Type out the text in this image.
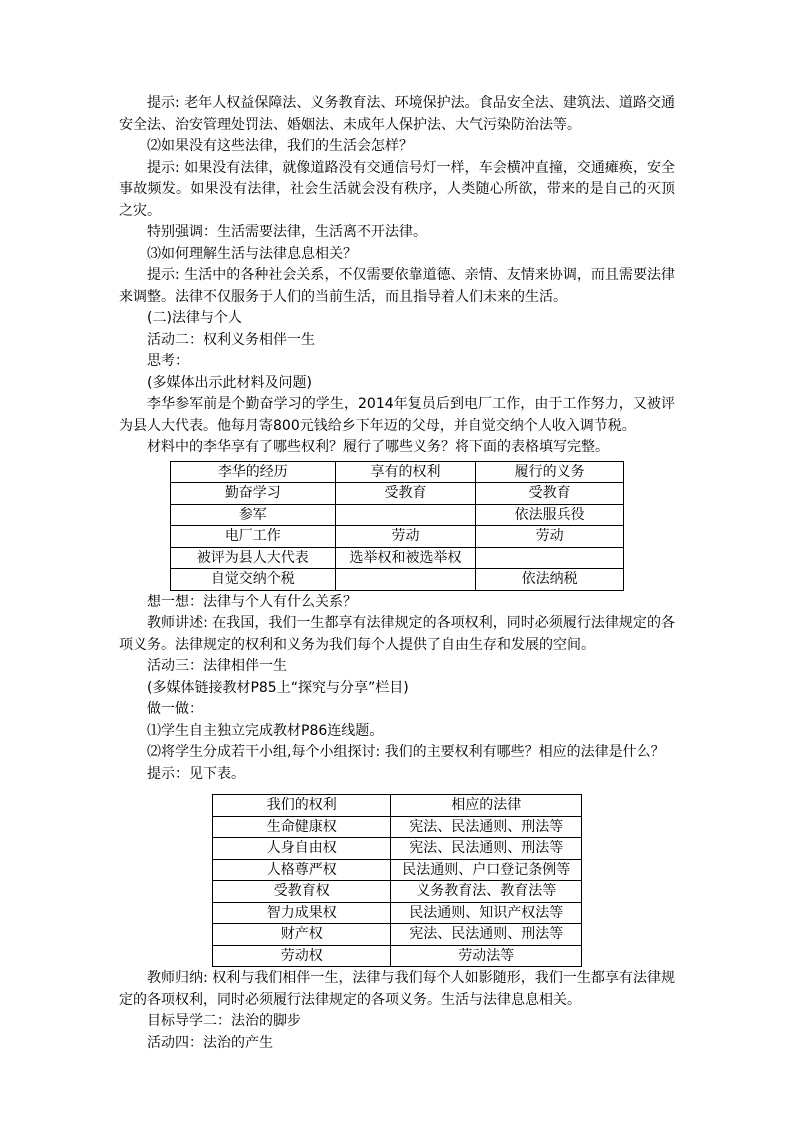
提示: 老年人权益保障法、义务教育法、环境保护法。食品安全法、建筑法、道路交通安全法、治安管理处罚法、婚姻法、未成年人保护法、大气污染防治法等。

⑵如果没有这些法律，我们的生活会怎样？

提示: 如果没有法律，就像道路没有交通信号灯一样，车会横冲直撞，交通瘫痪，安全事故频发。如果没有法律，社会生活就会没有秩序，人类随心所欲，带来的是自己的灭顶之灾。

特别强调：生活需要法律，生活离不开法律。

⑶如何理解生活与法律息息相关？

提示: 生活中的各种社会关系，不仅需要依靠道德、亲情、友情来协调，而且需要法律来调整。法律不仅服务于人们的当前生活，而且指导着人们未来的生活。

(二)法律与个人

活动二：权利义务相伴一生

思考：

(多媒体出示此材料及问题)

李华参军前是个勤奋学习的学生，2014年复员后到电厂工作，由于工作努力，又被评为县人大代表。他每月寄800元钱给乡下年迈的父母，并自觉交纳个人收入调节税。

材料中的李华享有了哪些权利？履行了哪些义务？将下面的表格填写完整。

李华的经历	享有的权利	履行的义务
勤奋学习	受教育	受教育
参军		依法服兵役
电厂工作	劳动	劳动
被评为县人大代表	选举权和被选举权	
自觉交纳个税		依法纳税

想一想：法律与个人有什么关系？

教师讲述: 在我国，我们一生都享有法律规定的各项权利，同时必须履行法律规定的各项义务。法律规定的权利和义务为我们每个人提供了自由生存和发展的空间。

活动三：法律相伴一生

(多媒体链接教材P85上“探究与分享”栏目)

做一做：

⑴学生自主独立完成教材P86连线题。

⑵将学生分成若干小组,每个小组探讨: 我们的主要权利有哪些？相应的法律是什么？

提示：见下表。

我们的权利	相应的法律
生命健康权	宪法、民法通则、刑法等
人身自由权	宪法、民法通则、刑法等
人格尊严权	民法通则、户口登记条例等
受教育权	义务教育法、教育法等
智力成果权	民法通则、知识产权法等
财产权	宪法、民法通则、刑法等
劳动权	劳动法等

教师归纳: 权利与我们相伴一生，法律与我们每个人如影随形，我们一生都享有法律规定的各项权利，同时必须履行法律规定的各项义务。生活与法律息息相关。

目标导学二：法治的脚步

活动四：法治的产生
